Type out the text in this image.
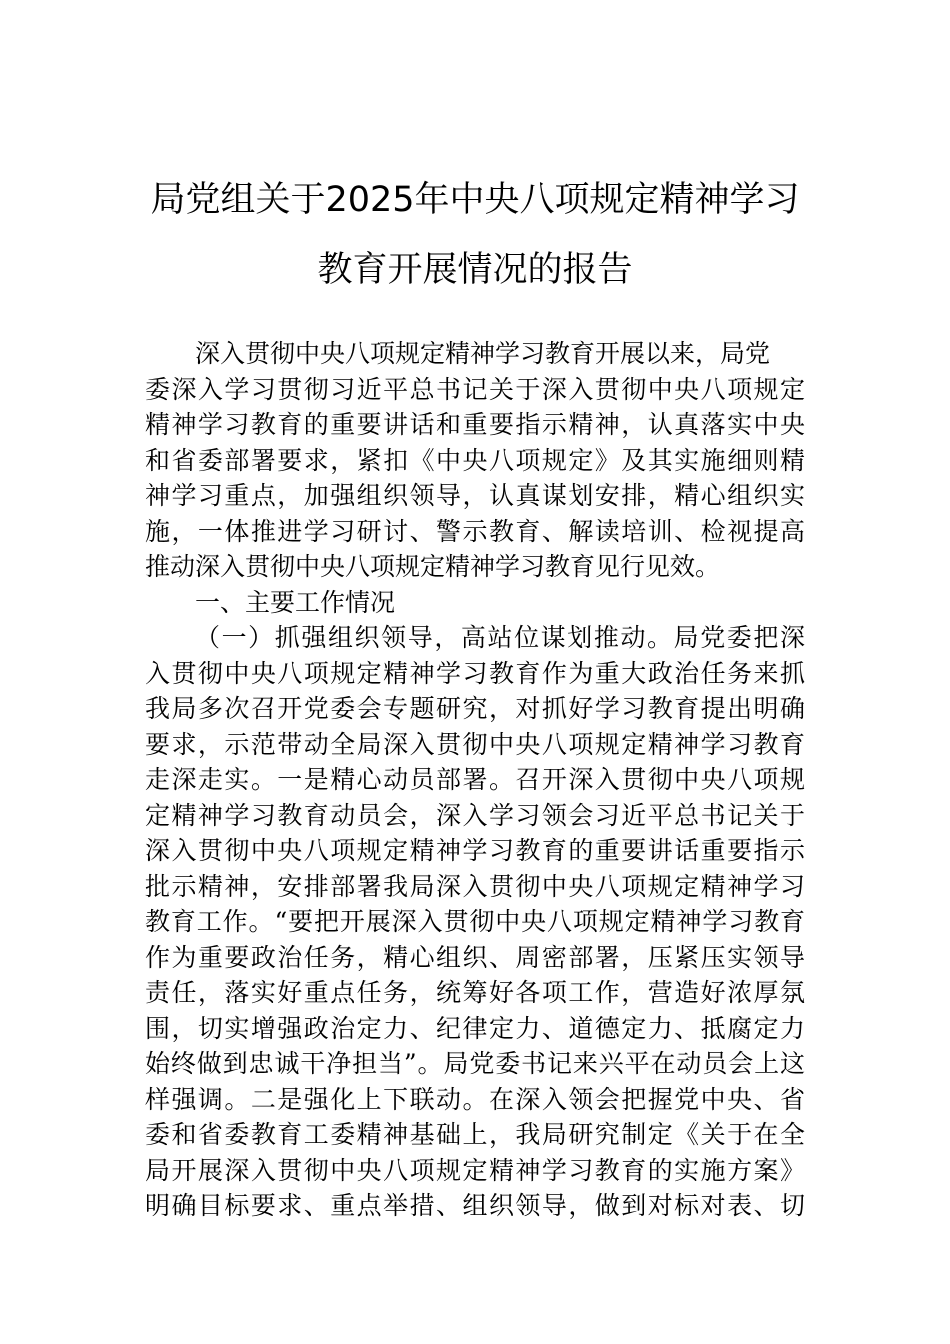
局党组关于2025年中央八项规定精神学习
教育开展情况的报告
深入贯彻中央八项规定精神学习教育开展以来，局党
委深入学习贯彻习近平总书记关于深入贯彻中央八项规定
精神学习教育的重要讲话和重要指示精神，认真落实中央
和省委部署要求，紧扣《中央八项规定》及其实施细则精
神学习重点，加强组织领导，认真谋划安排，精心组织实
施，一体推进学习研讨、警示教育、解读培训、检视提高
推动深入贯彻中央八项规定精神学习教育见行见效。
一、主要工作情况
（一）抓强组织领导，高站位谋划推动。局党委把深
入贯彻中央八项规定精神学习教育作为重大政治任务来抓
我局多次召开党委会专题研究，对抓好学习教育提出明确
要求，示范带动全局深入贯彻中央八项规定精神学习教育
走深走实。一是精心动员部署。召开深入贯彻中央八项规
定精神学习教育动员会，深入学习领会习近平总书记关于
深入贯彻中央八项规定精神学习教育的重要讲话重要指示
批示精神，安排部署我局深入贯彻中央八项规定精神学习
教育工作。“要把开展深入贯彻中央八项规定精神学习教育
作为重要政治任务，精心组织、周密部署，压紧压实领导
责任，落实好重点任务，统筹好各项工作，营造好浓厚氛
围，切实增强政治定力、纪律定力、道德定力、抵腐定力
始终做到忠诚干净担当”。局党委书记来兴平在动员会上这
样强调。二是强化上下联动。在深入领会把握党中央、省
委和省委教育工委精神基础上，我局研究制定《关于在全
局开展深入贯彻中央八项规定精神学习教育的实施方案》
明确目标要求、重点举措、组织领导，做到对标对表、切
